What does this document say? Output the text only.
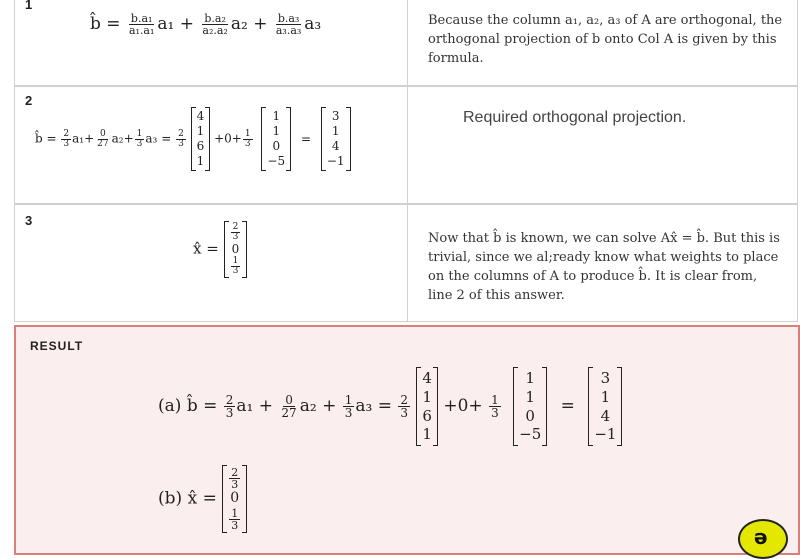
1
b̂ = $\frac{\text{b.a₁}}{\text{a₁.a₁}} a_1 + \frac{\text{b.a₂}}{\text{a₂.a₂}} a_2 + \frac{\text{b.a₃}}{\text{a₃.a₃}} a_3$	Because the column a₁, a₂, a₃ of A are orthogonal, the orthogonal projection of b onto Col A is given by this formula.
2
b̂ = $\frac{2}{3} a_1+ \frac{0}{27} a_2+ \frac{1}{3} a_3 = \frac{2}{3}$

4
1
6
1
$+0+ \frac{1}{3}$

1
1
0
−5
=
3
1
4
−1
Required orthogonal projection.
3
x̂ =
$\frac{2}{3}$
0
$\frac{1}{3}$
Now that b̂ is known, we can solve Ax̂ = b̂. But this is trivial, since we al;ready know what weights to place on the columns of A to produce b̂. It is clear from, line 2 of this answer.
RESULT
(a) b̂ = $\frac{2}{3} a_1 + \frac{0}{27} a_2 + \frac{1}{3} a_3 = \frac{2}{3}$

4
1
6
1
$+0+ \frac{1}{3}$

1
1
0
−5
=
3
1
4
−1
(b) x̂ =
$\frac{2}{3}$
0
$\frac{1}{3}$
ə
